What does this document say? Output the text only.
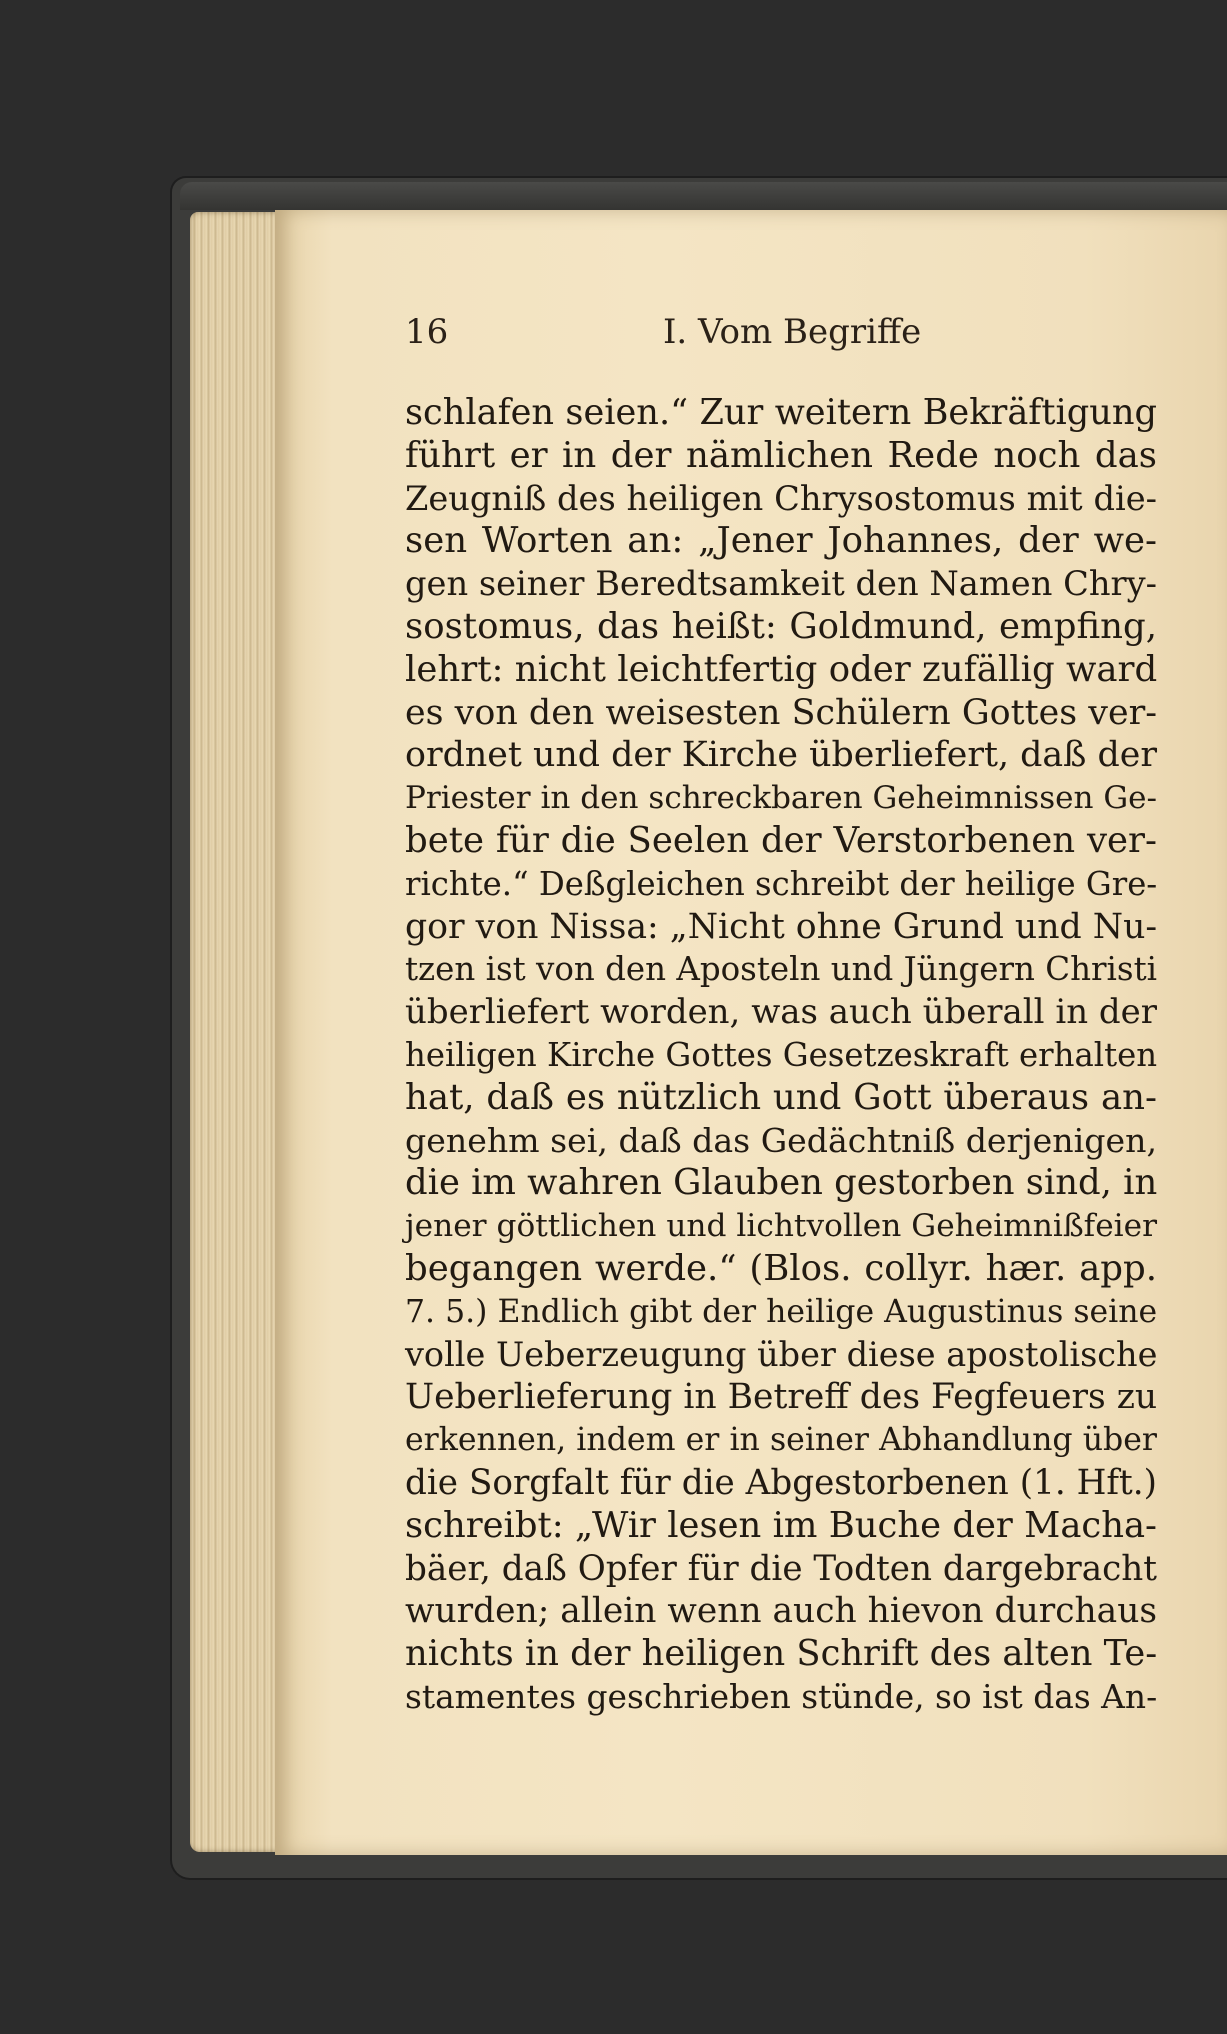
16	I. Vom Begriffe
schlafen seien.“ Zur weitern Bekräftigung
führt er in der nämlichen Rede noch das
Zeugniß des heiligen Chrysostomus mit die-
sen Worten an: „Jener Johannes, der we-
gen seiner Beredtsamkeit den Namen Chry-
sostomus, das heißt: Goldmund, empfing,
lehrt: nicht leichtfertig oder zufällig ward
es von den weisesten Schülern Gottes ver-
ordnet und der Kirche überliefert, daß der
Priester in den schreckbaren Geheimnissen Ge-
bete für die Seelen der Verstorbenen ver-
richte.“ Deßgleichen schreibt der heilige Gre-
gor von Nissa: „Nicht ohne Grund und Nu-
tzen ist von den Aposteln und Jüngern Christi
überliefert worden, was auch überall in der
heiligen Kirche Gottes Gesetzeskraft erhalten
hat, daß es nützlich und Gott überaus an-
genehm sei, daß das Gedächtniß derjenigen,
die im wahren Glauben gestorben sind, in
jener göttlichen und lichtvollen Geheimnißfeier
begangen werde.“ (Blos. collyr. hær. app.
7. 5.) Endlich gibt der heilige Augustinus seine
volle Ueberzeugung über diese apostolische
Ueberlieferung in Betreff des Fegfeuers zu
erkennen, indem er in seiner Abhandlung über
die Sorgfalt für die Abgestorbenen (1. Hft.)
schreibt: „Wir lesen im Buche der Macha-
bäer, daß Opfer für die Todten dargebracht
wurden; allein wenn auch hievon durchaus
nichts in der heiligen Schrift des alten Te-
stamentes geschrieben stünde, so ist das An-
